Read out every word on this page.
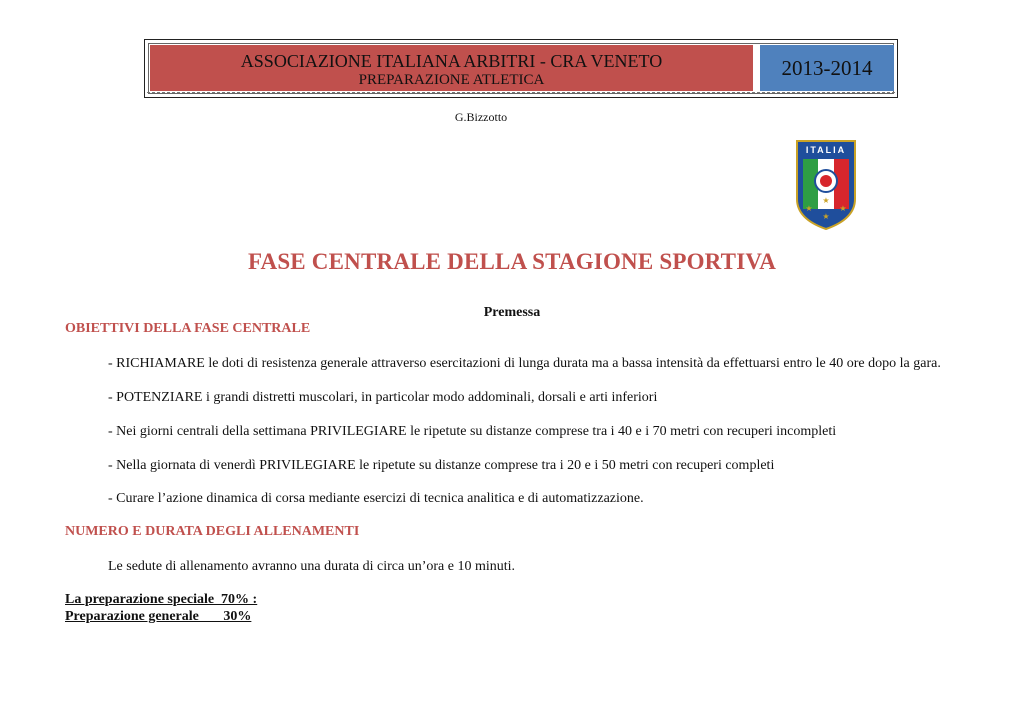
ASSOCIAZIONE ITALIANA ARBITRI - CRA VENETO
PREPARAZIONE ATLETICA	2013-2014
G.Bizzotto
ITALIA
★
★	★
★
FASE CENTRALE DELLA STAGIONE SPORTIVA
Premessa
OBIETTIVI DELLA FASE CENTRALE
- RICHIAMARE le doti di resistenza generale attraverso esercitazioni di lunga durata ma a bassa intensità da effettuarsi entro le 40 ore dopo la gara.
- POTENZIARE i grandi distretti muscolari, in particolar modo addominali, dorsali e arti inferiori
- Nei giorni centrali della settimana PRIVILEGIARE le ripetute su distanze comprese tra i 40 e i 70 metri con recuperi incompleti
- Nella giornata di venerdì PRIVILEGIARE le ripetute su distanze comprese tra i 20 e i 50 metri con recuperi completi
- Curare l’azione dinamica di corsa mediante esercizi di tecnica analitica e di automatizzazione.
NUMERO E DURATA DEGLI ALLENAMENTI
Le sedute di allenamento avranno una durata di circa un’ora e 10 minuti.
La preparazione speciale  70% :
Preparazione generale       30%
